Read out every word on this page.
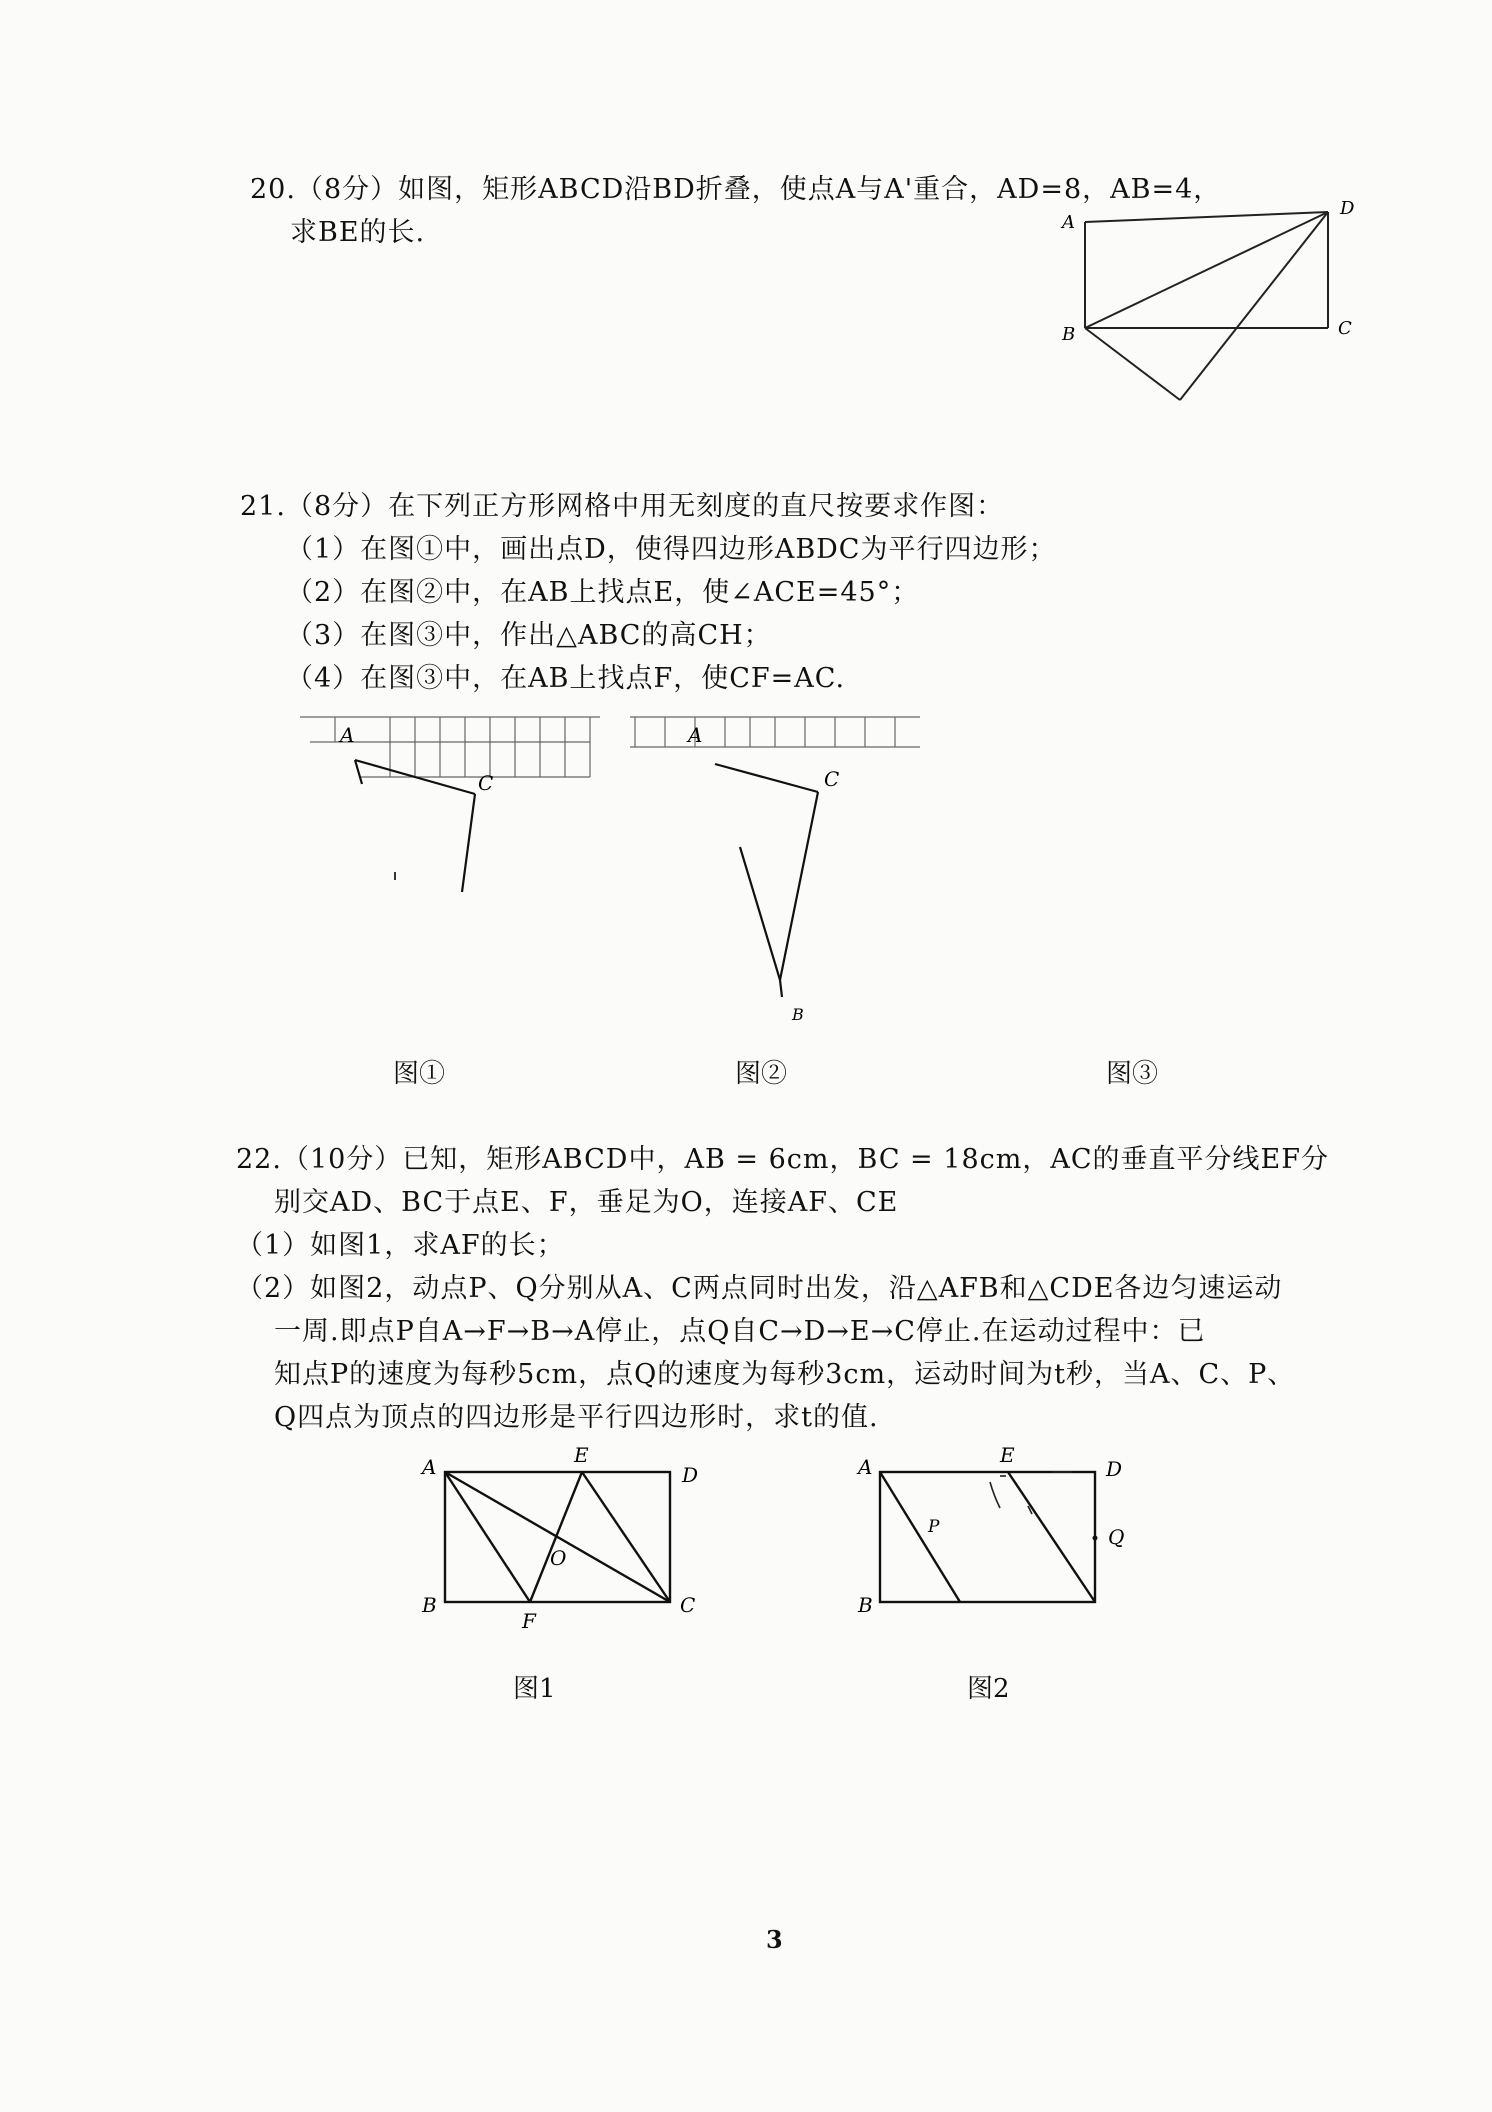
20.（8分）如图，矩形ABCD沿BD折叠，使点A与A'重合，AD=8，AB=4，
求BE的长.	A
D
B	C
21.（8分）在下列正方形网格中用无刻度的直尺按要求作图：
（1）在图①中，画出点D，使得四边形ABDC为平行四边形；
（2）在图②中，在AB上找点E，使∠ACE=45°；
（3）在图③中，作出△ABC的高CH；
（4）在图③中，在AB上找点F，使CF=AC.
A
C
图①
A
C
B
图②	图③
22.（10分）已知，矩形ABCD中，AB = 6cm，BC = 18cm，AC的垂直平分线EF分
别交AD、BC于点E、F，垂足为O，连接AF、CE
（1）如图1，求AF的长；
（2）如图2，动点P、Q分别从A、C两点同时出发，沿△AFB和△CDE各边匀速运动
一周.即点P自A→F→B→A停止，点Q自C→D→E→C停止.在运动过程中：已
知点P的速度为每秒5cm，点Q的速度为每秒3cm，运动时间为t秒，当A、C、P、
Q四点为顶点的四边形是平行四边形时，求t的值.
A	E
D
B
F
C
O
图1
A	E
D
B
Q
P
图2
3
